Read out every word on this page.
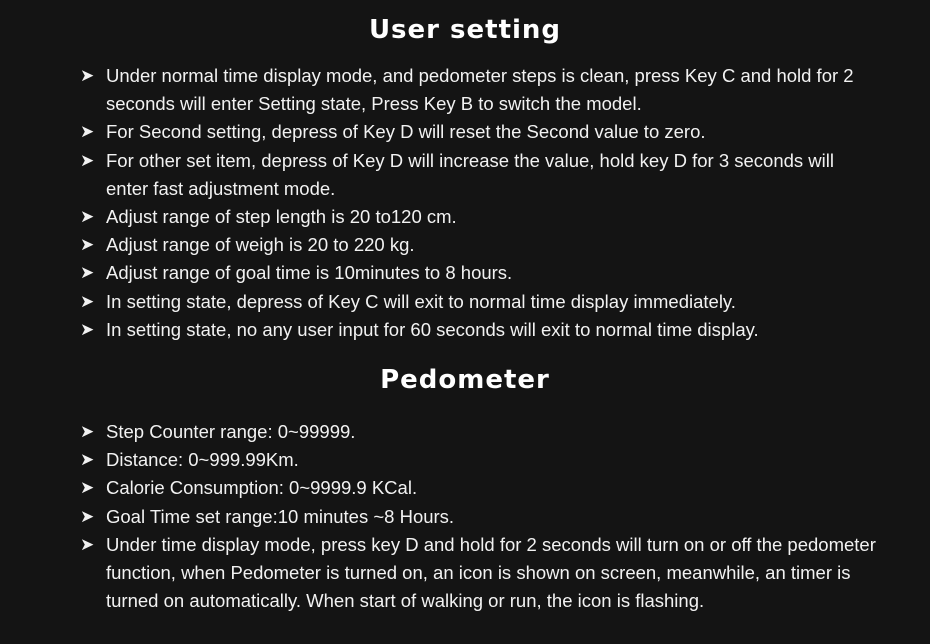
User setting
➤ Under normal time display mode, and pedometer steps is clean, press Key C and hold for 2 seconds will enter Setting state, Press Key B to switch the model.
➤ For Second setting, depress of Key D will reset the Second value to zero.
➤ For other set item, depress of Key D will increase the value, hold key D for 3 seconds will enter fast adjustment mode.
➤ Adjust range of step length is 20 to120 cm.
➤ Adjust range of weigh is 20 to 220 kg.
➤ Adjust range of goal time is 10minutes to 8 hours.
➤ In setting state, depress of Key C will exit to normal time display immediately.
➤ In setting state, no any user input for 60 seconds will exit to normal time display.
Pedometer
➤ Step Counter range: 0~99999.
➤ Distance: 0~999.99Km.
➤ Calorie Consumption: 0~9999.9 KCal.
➤ Goal Time set range:10 minutes ~8 Hours.
➤ Under time display mode, press key D and hold for 2 seconds will turn on or off the pedometer function, when Pedometer is turned on, an icon is shown on screen, meanwhile, an timer is turned on automatically. When start of walking or run, the icon is flashing.
